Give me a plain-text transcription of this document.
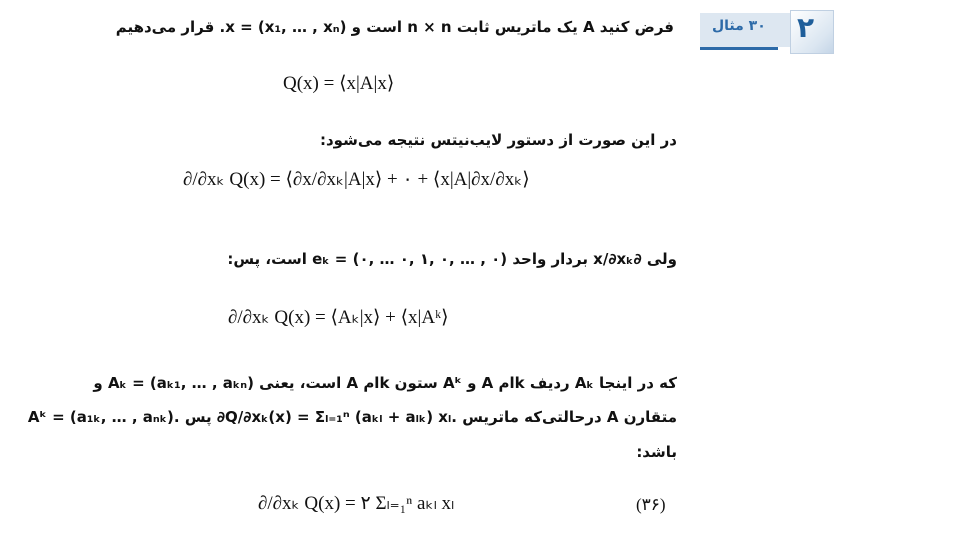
۳۰ مثال ۲
فرض کنید A یک ماتریس ثابت n × n است و x = (x₁, … , xₙ). قرار می‌دهیم
Q(x) = ⟨x|A|x⟩
در این صورت از دستور لایب‌نیتس نتیجه می‌شود:
∂/∂xₖ Q(x) = ⟨∂x/∂xₖ|A|x⟩ + ۰ + ⟨x|A|∂x/∂xₖ⟩
ولی ∂x/∂xₖ بردار واحد eₖ = (۰, … ۰, ۱, ۰, … , ۰) است، پس:
∂/∂xₖ Q(x) = ⟨Aₖ|x⟩ + ⟨x|Aᵏ⟩
که در اینجا Aₖ ردیف kام A و Aᵏ ستون kام A است، یعنی Aₖ = (aₖ₁, … , aₖₙ) و
Aᵏ = (a₁ₖ, … , aₙₖ). پس ∂Q/∂xₖ(x) = Σₗ₌₁ⁿ (aₖₗ + aₗₖ) xₗ. درحالتی‌که ماتریس A متقارن
باشد:
∂/∂xₖ Q(x) = ۲ Σₗ₌₁ⁿ aₖₗ xₗ	(۳۶)
